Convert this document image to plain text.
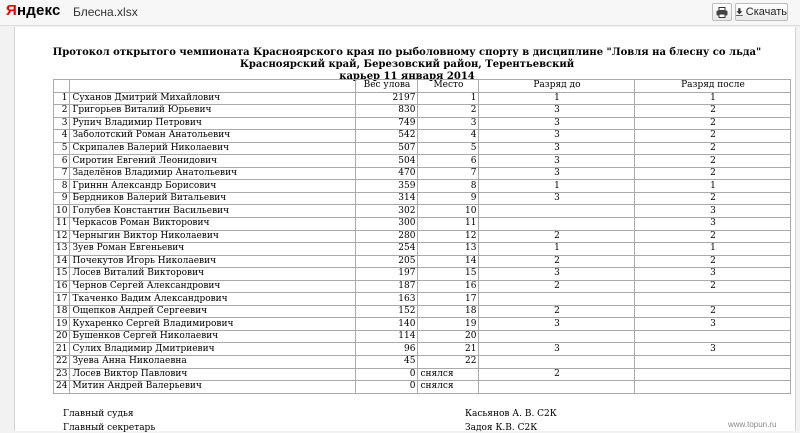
Яндекс Блесна.xlsx	Скачать
Протокол открытого чемпионата Красноярского края по рыболовному спорту в дисциплине "Ловля на блесну со льда" Красноярский край, Березовский район, Терентьевский
карьер 11 января 2014
		Вес улова	Место	Разряд до	Разряд после
1	Суханов Дмитрий Михайлович	2197	1	1	1
2	Григорьев Виталий Юрьевич	830	2	3	2
3	Рупич Владимир Петрович	749	3	3	2
4	Заболотский Роман Анатольевич	542	4	3	2
5	Скрипалев Валерий Николаевич	507	5	3	2
6	Сиротин Евгений Леонидович	504	6	3	2
7	Заделёнов Владимир Анатольевич	470	7	3	2
8	Гриннн Александр Борисович	359	8	1	1
9	Бердников Валерий Витальевич	314	9	3	2
10	Голубев Константин Васильевич	302	10		3
11	Черкасов Роман Викторович	300	11		3
12	Черныгин Виктор Николаевич	280	12	2	2
13	Зуев Роман Евгеньевич	254	13	1	1
14	Почекутов Игорь Николаевич	205	14	2	2
15	Лосев Виталий Викторович	197	15	3	3
16	Чернов Сергей Александрович	187	16	2	2
17	Ткаченко Вадим Александрович	163	17		
18	Ощепков Андрей Сергеевич	152	18	2	2
19	Кухаренко Сергей Владимирович	140	19	3	3
20	Бушенков Сергей Николаевич	114	20		
21	Сулих Владимир Дмитриевич	96	21	3	3
22	Зуева Анна Николаевна	45	22		
23	Лосев Виктор Павлович	0	снялся	2	
24	Митин Андрей Валерьевич	0	снялся		
Главный судья	Касьянов А. В. С2К
Главный секретарь	Задоя К.В. С2К	www.topun.ru
